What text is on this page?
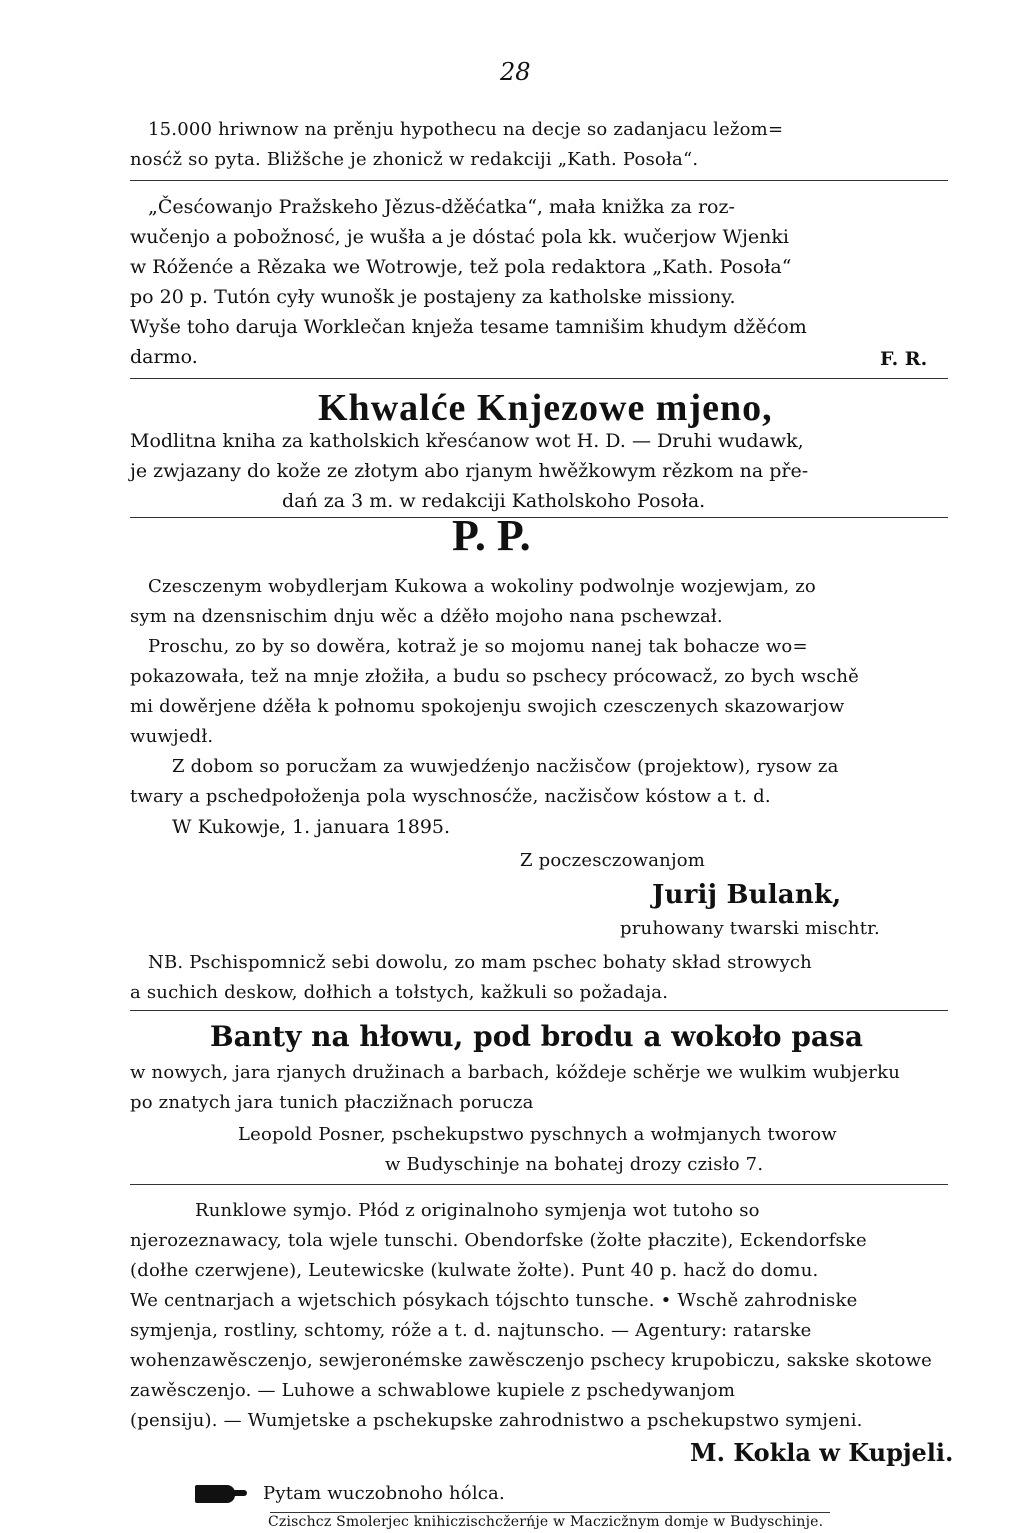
28
15.000 hriwnow na prěnju hypothecu na decje so zadanjacu ležom=
nosćž so pyta. Bližšche je zhonicž w redakciji „Kath. Posoła“.
„Česćowanjo Pražskeho Jězus-džěćatka“, mała knižka za roz-
wučenjo a pobožnosć, je wušła a je dóstać pola kk. wučerjow Wjenki
w Róženće a Rězaka we Wotrowje, tež pola redaktora „Kath. Posoła“
po 20 p. Tutón cyły wunošk je postajeny za katholske missiony.
Wyše toho daruja Worklečan knježa tesame tamnišim khudym džěćom
darmo.	F. R.
Khwalće Knjezowe mjeno,
Modlitna kniha za katholskich křesćanow wot H. D. — Druhi wudawk,
je zwjazany do kože ze złotym abo rjanym hwěžkowym rězkom na pře-
dań za 3 m. w redakciji Katholskoho Posoła.
P. P.
Czesczenym wobydlerjam Kukowa a wokoliny podwolnje wozjewjam, zo
sym na dzensnischim dnju wěc a dźěło mojoho nana pschewzał.
Proschu, zo by so dowěra, kotraž je so mojomu nanej tak bohacze wo=
pokazowała, tež na mnje złožiła, a budu so pschecy prócowacž, zo bych wschě
mi dowěrjene dźěła k połnomu spokojenju swojich czesczenych skazowarjow
wuwjedł.
Z dobom so porucžam za wuwjedźenjo nacžisčow (projektow), rysow za
twary a pschedpołoženja pola wyschnosćže, nacžisčow kóstow a t. d.
W Kukowje, 1. januara 1895.
Z poczesczowanjom
Jurij Bulank,
pruhowany twarski mischtr.
NB. Pschispomnicž sebi dowolu, zo mam pschec bohaty skład strowych
a suchich deskow, dołhich a tołstych, kažkuli so požadaja.
Banty na hłowu, pod brodu a wokoło pasa
w nowych, jara rjanych družinach a barbach, kóždeje schěrje we wulkim wubjerku
po znatych jara tunich płaczižnach porucza
Leopold Posner, pschekupstwo pyschnych a wołmjanych tworow
w Budyschinje na bohatej drozy czisło 7.
Runklowe symjo. Płód z originalnoho symjenja wot tutoho so
njerozeznawacy, tola wjele tunschi. Obendorfske (žołte płaczite), Eckendorfske
(dołhe czerwjene), Leutewicske (kulwate žołte). Punt 40 p. hacž do domu.
We centnarjach a wjetschich pósykach tójschto tunsche. • Wschě zahrodniske
symjenja, rostliny, schtomy, róže a t. d. najtunscho. — Agentury: ratarske
wohenzawěsczenjo, sewjeronémske zawěsczenjo pschecy krupobiczu, sakske skotowe
zawěsczenjo. — Luhowe a schwablowe kupiele z pschedywanjom
(pensiju). — Wumjetske a pschekupske zahrodnistwo a pschekupstwo symjeni.
M. Kokla w Kupjeli.
Pytam wuczobnoho hólca.
Czischcz Smolerjec knihiczischcžerńje w Maczicžnym domje w Budyschinje.
